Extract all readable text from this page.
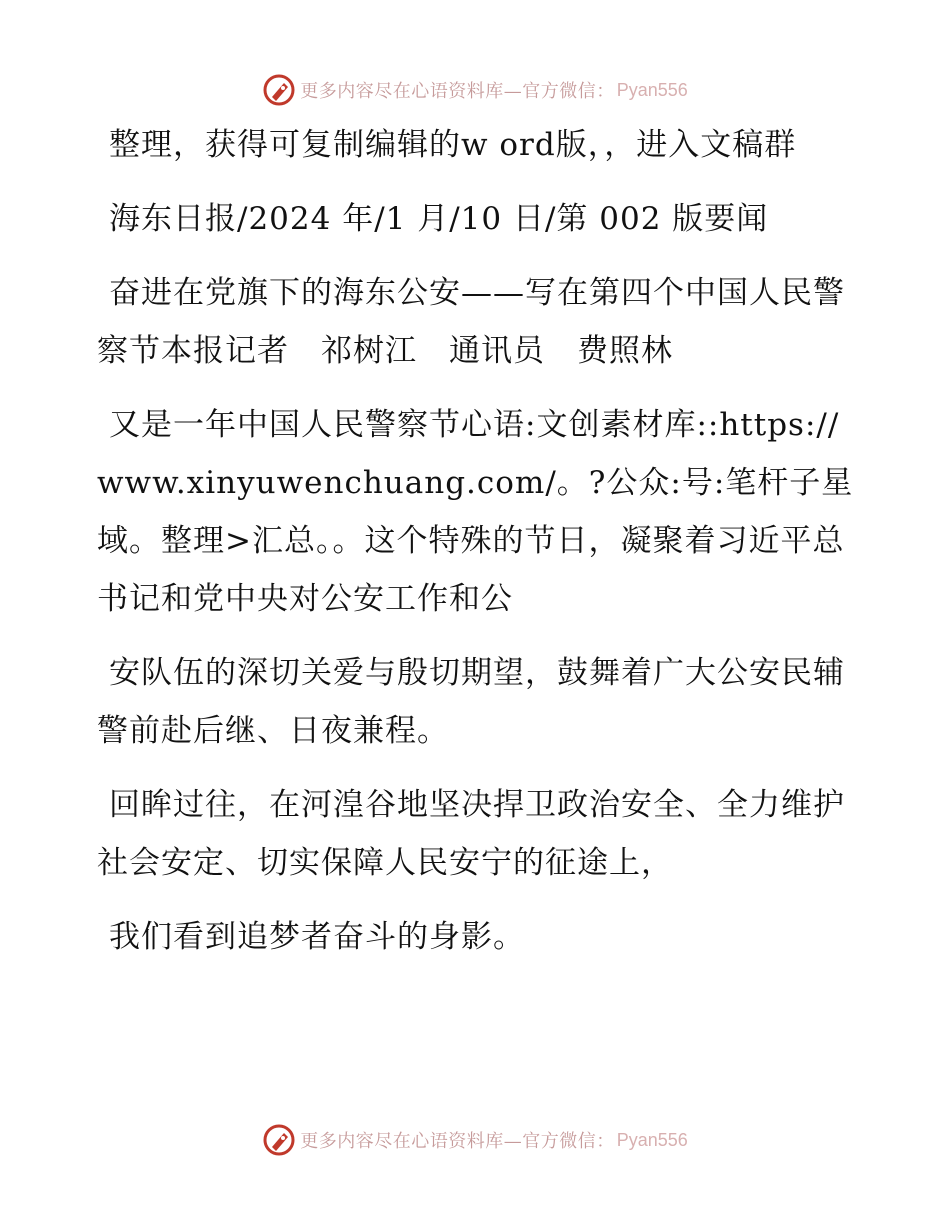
更多内容尽在心语资料库—官方微信： Pyan556

整理，获得可复制编辑的w ord版，，进入文稿群

海东日报/2024 年/1 月/10 日/第 002 版要闻

奋进在党旗下的海东公安——写在第四个中国人民警察节本报记者　祁树江　通讯员　费照林

又是一年中国人民警察节心语:文创素材库::https://www.xinyuwenchuang.com/。?公众:号:笔杆子星域。整理>汇总。。这个特殊的节日，凝聚着习近平总书记和党中央对公安工作和公

安队伍的深切关爱与殷切期望，鼓舞着广大公安民辅警前赴后继、日夜兼程。

回眸过往，在河湟谷地坚决捍卫政治安全、全力维护社会安定、切实保障人民安宁的征途上，

我们看到追梦者奋斗的身影。

更多内容尽在心语资料库—官方微信： Pyan556
